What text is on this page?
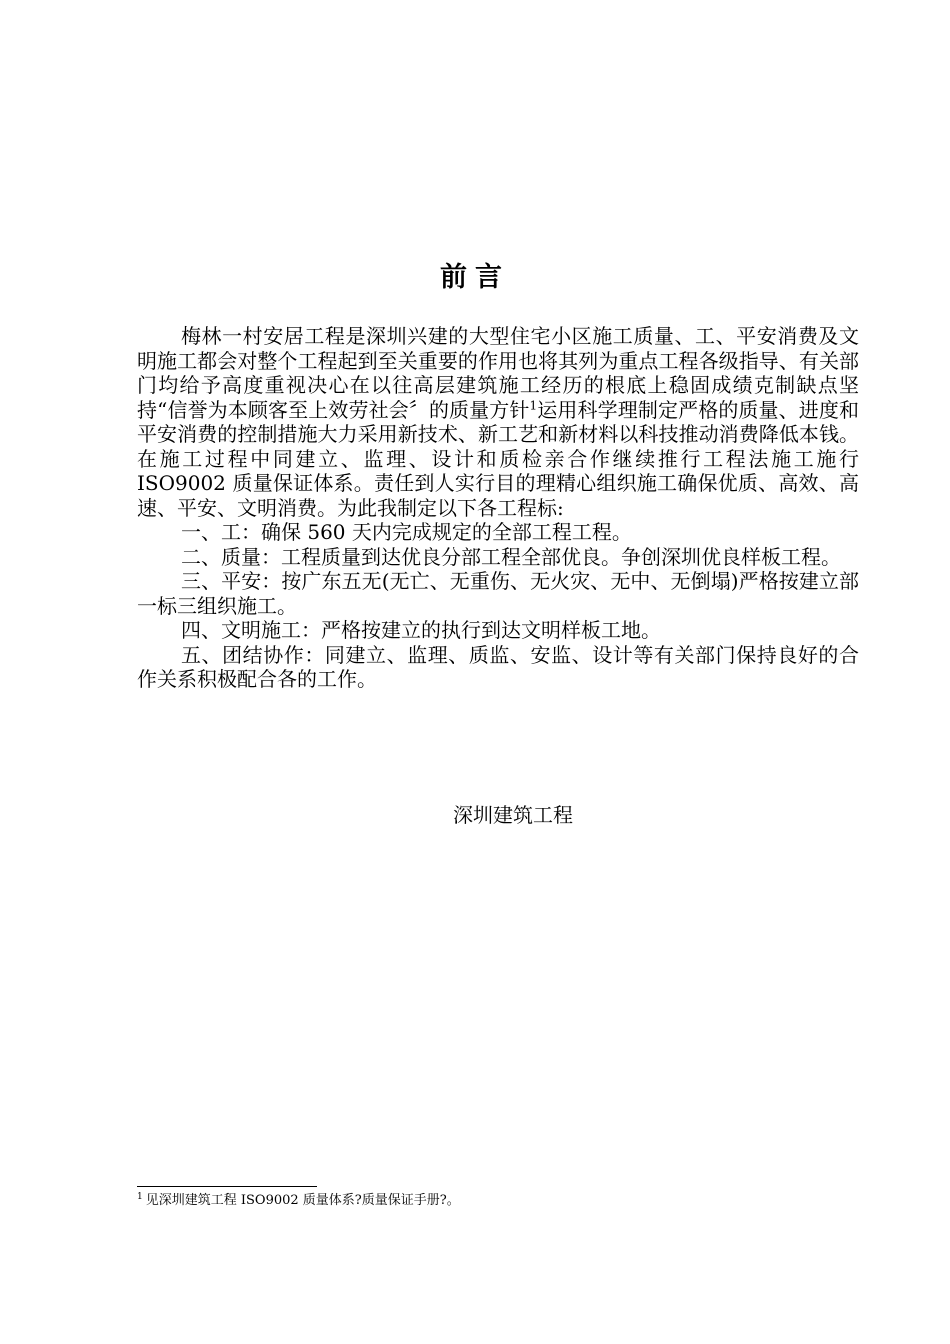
前言

梅林一村安居工程是深圳兴建的大型住宅小区施工质量、工、平安消费及文明施工都会对整个工程起到至关重要的作用也将其列为重点工程各级指导、有关部门均给予高度重视决心在以往高层建筑施工经历的根底上稳固成绩克制缺点坚持“信誉为本顾客至上效劳社会〞的质量方针$^1$运用科学理制定严格的质量、进度和平安消费的控制措施大力采用新技术、新工艺和新材料以科技推动消费降低本钱。在施工过程中同建立、监理、设计和质检亲合作继续推行工程法施工施行 ISO9002 质量保证体系。责任到人实行目的理精心组织施工确保优质、高效、高速、平安、文明消费。为此我制定以下各工程标:

一、工：确保 560 天内完成规定的全部工程工程。

二、质量：工程质量到达优良分部工程全部优良。争创深圳优良样板工程。

三、平安：按广东五无(无亡、无重伤、无火灾、无中、无倒塌)严格按建立部一标三组织施工。

四、文明施工：严格按建立的执行到达文明样板工地。

五、团结协作：同建立、监理、质监、安监、设计等有关部门保持良好的合作关系积极配合各的工作。

深圳建筑工程
$^1$ 见深圳建筑工程 ISO9002 质量体系?质量保证手册?。
